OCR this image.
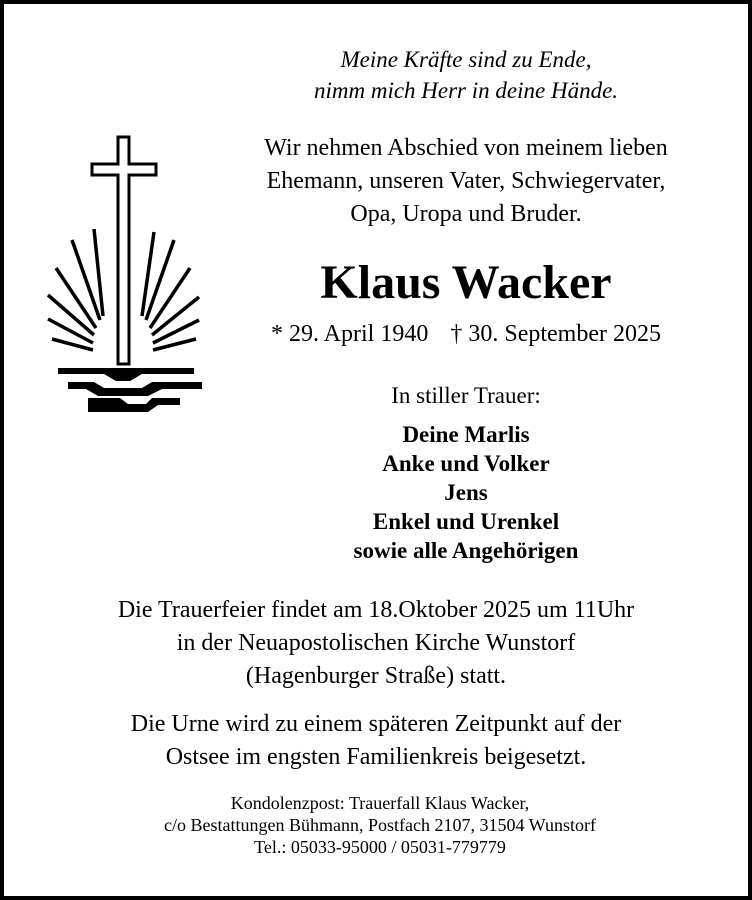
Meine Kräfte sind zu Ende,
nimm mich Herr in deine Hände.
Wir nehmen Abschied von meinem lieben
Ehemann, unseren Vater, Schwiegervater,
Opa, Uropa und Bruder.
Klaus Wacker
* 29. April 1940 † 30. September 2025
In stiller Trauer:
Deine Marlis
Anke und Volker
Jens
Enkel und Urenkel
sowie alle Angehörigen
Die Trauerfeier findet am 18.Oktober 2025 um 11Uhr
in der Neuapostolischen Kirche Wunstorf
(Hagenburger Straße) statt.
Die Urne wird zu einem späteren Zeitpunkt auf der
Ostsee im engsten Familienkreis beigesetzt.
Kondolenzpost: Trauerfall Klaus Wacker,
c/o Bestattungen Bühmann, Postfach 2107, 31504 Wunstorf
Tel.: 05033-95000 / 05031-779779
